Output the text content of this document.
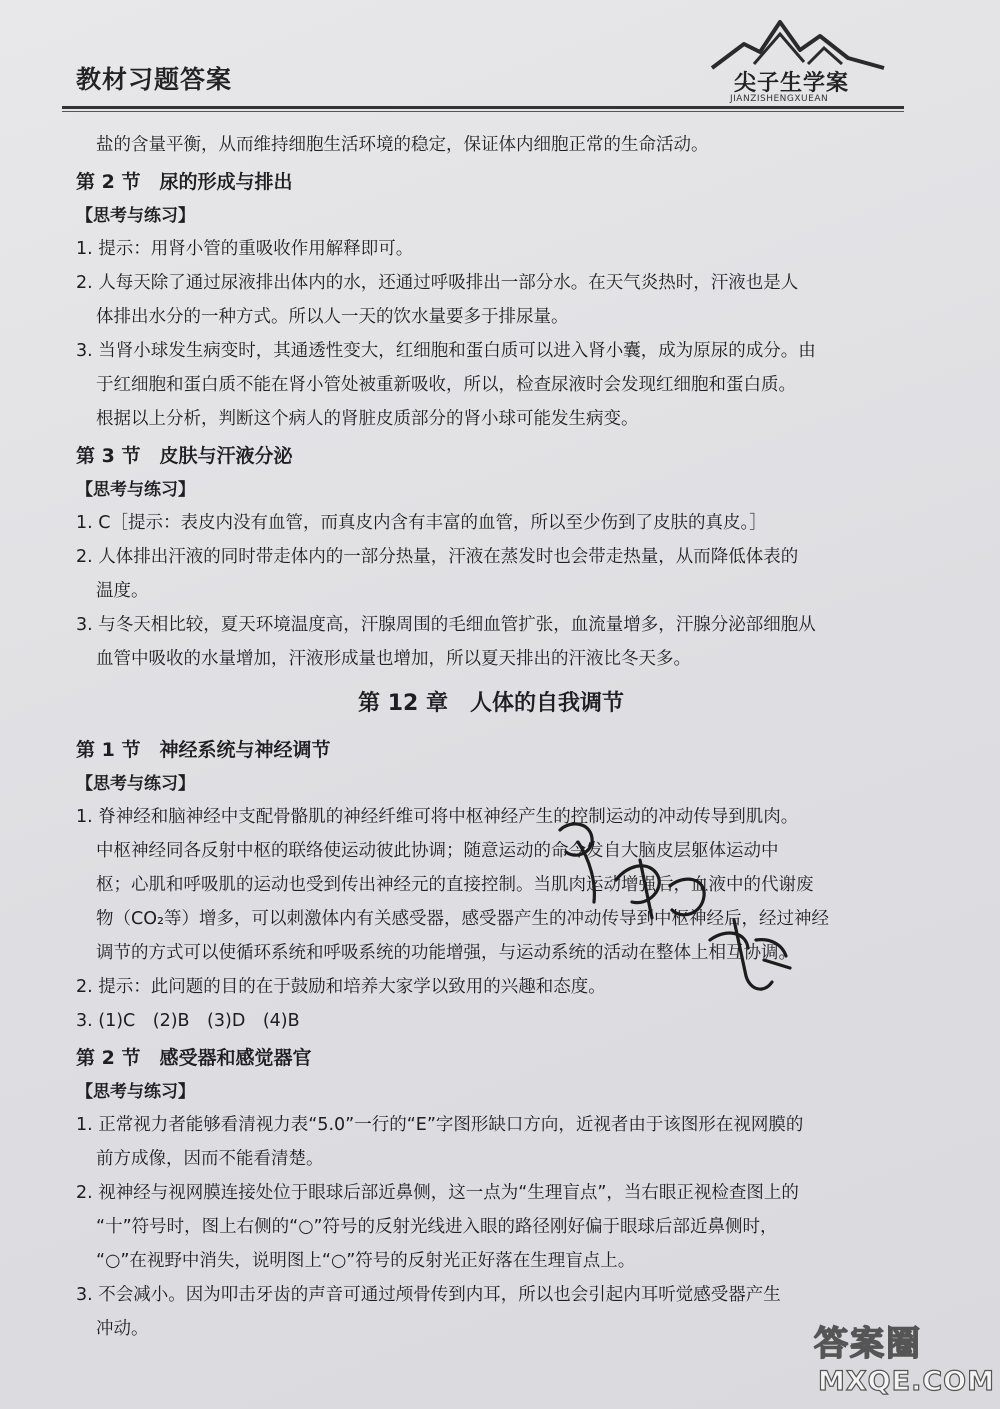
教材习题答案	尖子生学案
JIANZISHENGXUEAN
盐的含量平衡，从而维持细胞生活环境的稳定，保证体内细胞正常的生命活动。
第 2 节　尿的形成与排出
【思考与练习】
1. 提示：用肾小管的重吸收作用解释即可。
2. 人每天除了通过尿液排出体内的水，还通过呼吸排出一部分水。在天气炎热时，汗液也是人
体排出水分的一种方式。所以人一天的饮水量要多于排尿量。
3. 当肾小球发生病变时，其通透性变大，红细胞和蛋白质可以进入肾小囊，成为原尿的成分。由
于红细胞和蛋白质不能在肾小管处被重新吸收，所以，检查尿液时会发现红细胞和蛋白质。
根据以上分析，判断这个病人的肾脏皮质部分的肾小球可能发生病变。
第 3 节　皮肤与汗液分泌
【思考与练习】
1. C［提示：表皮内没有血管，而真皮内含有丰富的血管，所以至少伤到了皮肤的真皮。］
2. 人体排出汗液的同时带走体内的一部分热量，汗液在蒸发时也会带走热量，从而降低体表的
温度。
3. 与冬天相比较，夏天环境温度高，汗腺周围的毛细血管扩张，血流量增多，汗腺分泌部细胞从
血管中吸收的水量增加，汗液形成量也增加，所以夏天排出的汗液比冬天多。
第 12 章　人体的自我调节
第 1 节　神经系统与神经调节
【思考与练习】
1. 脊神经和脑神经中支配骨骼肌的神经纤维可将中枢神经产生的控制运动的冲动传导到肌肉。
中枢神经同各反射中枢的联络使运动彼此协调；随意运动的命令发自大脑皮层躯体运动中
枢；心肌和呼吸肌的运动也受到传出神经元的直接控制。当肌肉运动增强后，血液中的代谢废
物（CO₂等）增多，可以刺激体内有关感受器，感受器产生的冲动传导到中枢神经后，经过神经
调节的方式可以使循环系统和呼吸系统的功能增强，与运动系统的活动在整体上相互协调。
2. 提示：此问题的目的在于鼓励和培养大家学以致用的兴趣和态度。
3. (1)C　(2)B　(3)D　(4)B
第 2 节　感受器和感觉器官
【思考与练习】
1. 正常视力者能够看清视力表“5.0”一行的“E”字图形缺口方向，近视者由于该图形在视网膜的
前方成像，因而不能看清楚。
2. 视神经与视网膜连接处位于眼球后部近鼻侧，这一点为“生理盲点”，当右眼正视检查图上的
“十”符号时，图上右侧的“○”符号的反射光线进入眼的路径刚好偏于眼球后部近鼻侧时，
“○”在视野中消失，说明图上“○”符号的反射光正好落在生理盲点上。
3. 不会减小。因为叩击牙齿的声音可通过颅骨传到内耳，所以也会引起内耳听觉感受器产生
冲动。	答案圈
MXQE.COM
